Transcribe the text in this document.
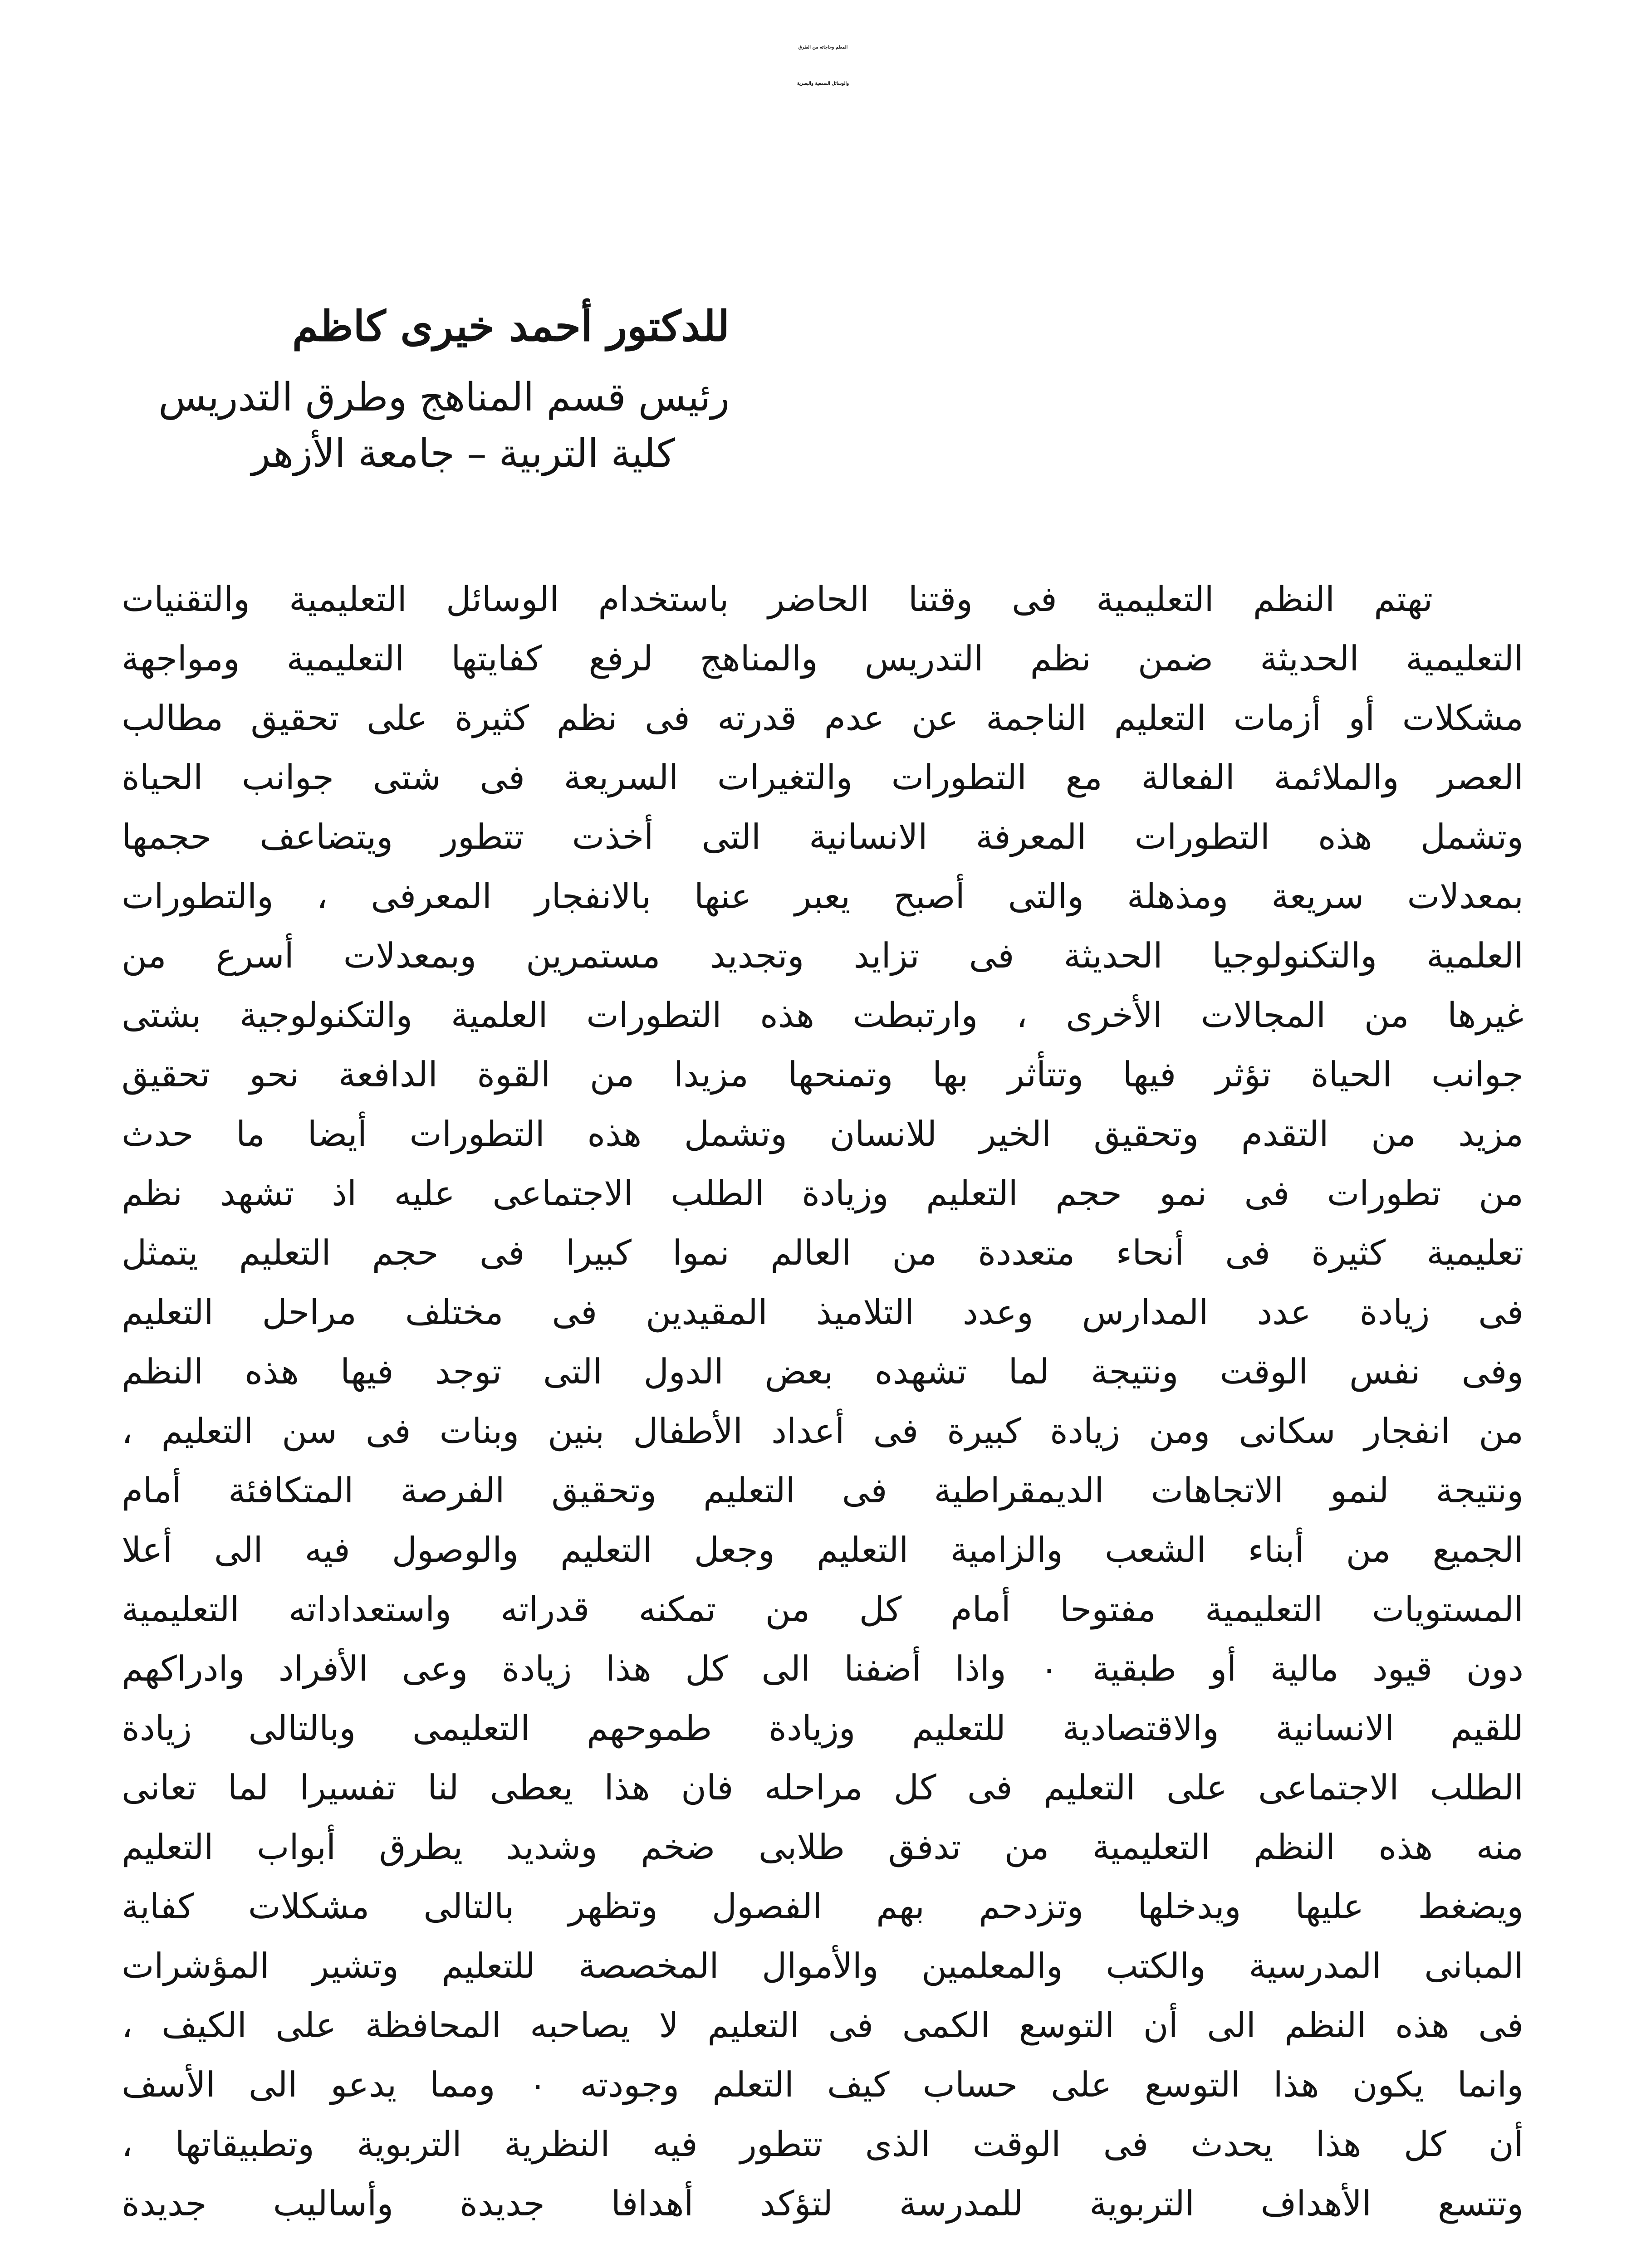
المعلم وحاجاته من الطرق
والوسائل السمعية والبصرية
للدكتور أحمد خيرى كاظم
رئيس قسم المناهج وطرق التدريس
كلية التربية – جامعة الأزهر
تهتم النظم التعليمية فى وقتنا الحاضر باستخدام الوسائل التعليمية والتقنيات
التعليمية الحديثة ضمن نظم التدريس والمناهج لرفع كفايتها التعليمية ومواجهة
مشكلات أو أزمات التعليم الناجمة عن عدم قدرته فى نظم كثيرة على تحقيق مطالب
العصر والملائمة الفعالة مع التطورات والتغيرات السريعة فى شتى جوانب الحياة
وتشمل هذه التطورات المعرفة الانسانية التى أخذت تتطور ويتضاعف حجمها
بمعدلات سريعة ومذهلة والتى أصبح يعبر عنها بالانفجار المعرفى ، والتطورات
العلمية والتكنولوجيا الحديثة فى تزايد وتجديد مستمرين وبمعدلات أسرع من
غيرها من المجالات الأخرى ، وارتبطت هذه التطورات العلمية والتكنولوجية بشتى
جوانب الحياة تؤثر فيها وتتأثر بها وتمنحها مزيدا من القوة الدافعة نحو تحقيق
مزيد من التقدم وتحقيق الخير للانسان وتشمل هذه التطورات أيضا ما حدث
من تطورات فى نمو حجم التعليم وزيادة الطلب الاجتماعى عليه اذ تشهد نظم
تعليمية كثيرة فى أنحاء متعددة من العالم نموا كبيرا فى حجم التعليم يتمثل
فى زيادة عدد المدارس وعدد التلاميذ المقيدين فى مختلف مراحل التعليم
وفى نفس الوقت ونتيجة لما تشهده بعض الدول التى توجد فيها هذه النظم
من انفجار سكانى ومن زيادة كبيرة فى أعداد الأطفال بنين وبنات فى سن التعليم ،
ونتيجة لنمو الاتجاهات الديمقراطية فى التعليم وتحقيق الفرصة المتكافئة أمام
الجميع من أبناء الشعب والزامية التعليم وجعل التعليم والوصول فيه الى أعلا
المستويات التعليمية مفتوحا أمام كل من تمكنه قدراته واستعداداته التعليمية
دون قيود مالية أو طبقية ٠ واذا أضفنا الى كل هذا زيادة وعى الأفراد وادراكهم
للقيم الانسانية والاقتصادية للتعليم وزيادة طموحهم التعليمى وبالتالى زيادة
الطلب الاجتماعى على التعليم فى كل مراحله فان هذا يعطى لنا تفسيرا لما تعانى
منه هذه النظم التعليمية من تدفق طلابى ضخم وشديد يطرق أبواب التعليم
ويضغط عليها ويدخلها وتزدحم بهم الفصول وتظهر بالتالى مشكلات كفاية
المبانى المدرسية والكتب والمعلمين والأموال المخصصة للتعليم وتشير المؤشرات
فى هذه النظم الى أن التوسع الكمى فى التعليم لا يصاحبه المحافظة على الكيف ،
وانما يكون هذا التوسع على حساب كيف التعلم وجودته ٠ ومما يدعو الى الأسف
أن كل هذا يحدث فى الوقت الذى تتطور فيه النظرية التربوية وتطبيقاتها ،
وتتسع الأهداف التربوية للمدرسة لتؤكد أهدافا جديدة وأساليب جديدة
